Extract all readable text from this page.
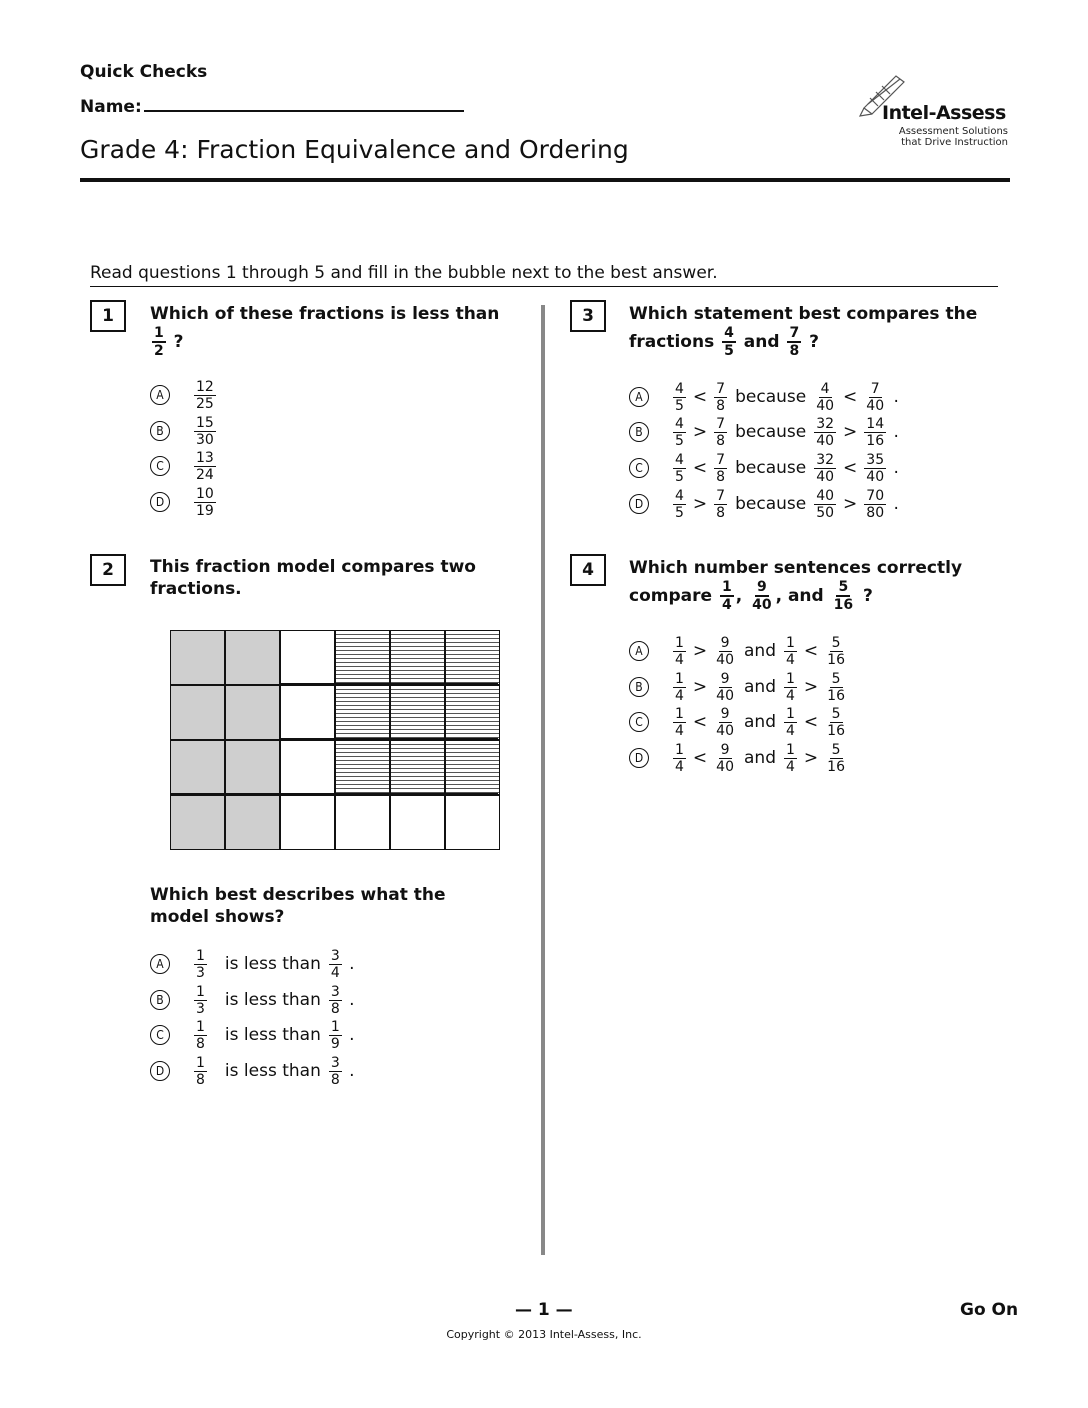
Quick Checks
Name:
Grade 4: Fraction Equivalence and Ordering
Intel-Assess
Assessment Solutions
that Drive Instruction
Read questions 1 through 5 and fill in the bubble next to the best answer.
1	Which of these fractions is less than

$\frac{1}{2}$ ?
A	$\frac{12}{25}$
B	$\frac{15}{30}$
C	$\frac{13}{24}$
D	$\frac{10}{19}$
2	This fraction model compares two fractions.
Which best describes what the model shows?
A	$\frac{1}{3}$ is less than $\frac{3}{4}$ .
B	$\frac{1}{3}$ is less than $\frac{3}{8}$ .
C	$\frac{1}{8}$ is less than $\frac{1}{9}$ .
D	$\frac{1}{8}$ is less than $\frac{3}{8}$ .
3	Which statement best compares the
fractions $\frac{4}{5}$ and $\frac{7}{8}$ ?
A	$\frac{4}{5} < \frac{7}{8}$ because $\frac{4}{40} < \frac{7}{40}$ .
B	$\frac{4}{5} > \frac{7}{8}$ because $\frac{32}{40} > \frac{14}{16}$ .
C	$\frac{4}{5} < \frac{7}{8}$ because $\frac{32}{40} < \frac{35}{40}$ .
D	$\frac{4}{5} > \frac{7}{8}$ because $\frac{40}{50} > \frac{70}{80}$ .
4	Which number sentences correctly
compare $\frac{1}{4}$ , $\frac{9}{40}$ , and $\frac{5}{16}$ ?
A	$\frac{1}{4} > \frac{9}{40}$ and $\frac{1}{4} < \frac{5}{16}$
B	$\frac{1}{4} > \frac{9}{40}$ and $\frac{1}{4} > \frac{5}{16}$
C	$\frac{1}{4} < \frac{9}{40}$ and $\frac{1}{4} < \frac{5}{16}$
D	$\frac{1}{4} < \frac{9}{40}$ and $\frac{1}{4} > \frac{5}{16}$
— 1 —	Go On
Copyright © 2013 Intel-Assess, Inc.
